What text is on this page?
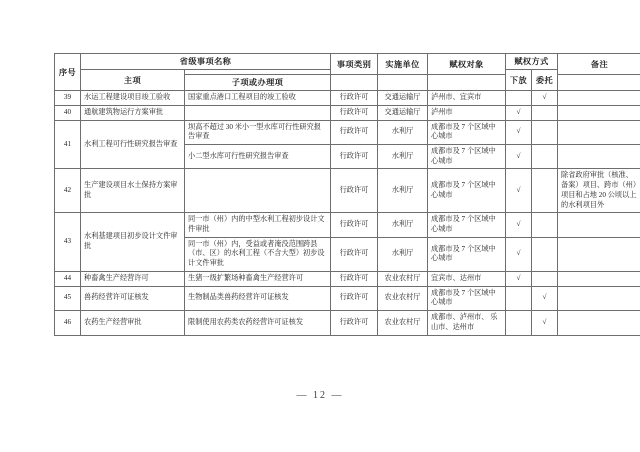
序号	省级事项名称		事项类别	实施单位	赋权对象	赋权方式		备注
	主项					下放	委托	
		子项或办理项						
39	水运工程建设项目竣工验收	国家重点港口工程项目的竣工验收	行政许可	交通运输厅	泸州市、宜宾市		√	
40	通航建筑物运行方案审批		行政许可	交通运输厅	泸州市	√		
41	水利工程可行性研究报告审查	坝高不超过 30 米小一型水库可行性研究报告审查	行政许可	水利厅	成都市及 7 个区域中心城市	√		
		小二型水库可行性研究报告审查	行政许可	水利厅	成都市及 7 个区域中心城市	√		
42	生产建设项目水土保持方案审批		行政许可	水利厅	成都市及 7 个区域中心城市	√		除省政府审批（核准、备案）项目、跨市（州）项目和占地 20 公顷以上的水利项目外
43	水利基建项目初步设计文件审批	同一市（州）内的中型水利工程初步设计文件审批	行政许可	水利厅	成都市及 7 个区域中心城市	√		
		同一市（州）内，受益或者淹没范围跨县（市、区）的水利工程（不含大型）初步设计文件审批	行政许可	水利厅	成都市及 7 个区域中心城市	√		
44	种畜禽生产经营许可	生猪一级扩繁场种畜禽生产经营许可	行政许可	农业农村厅	宜宾市、达州市	√		
45	兽药经营许可证核发	生物制品类兽药经营许可证核发	行政许可	农业农村厅	成都市及 7 个区域中心城市		√	
46	农药生产经营审批	限制使用农药类农药经营许可证核发	行政许可	农业农村厅	成都市、泸州市、 乐山市、达州市		√	
— 12 —
